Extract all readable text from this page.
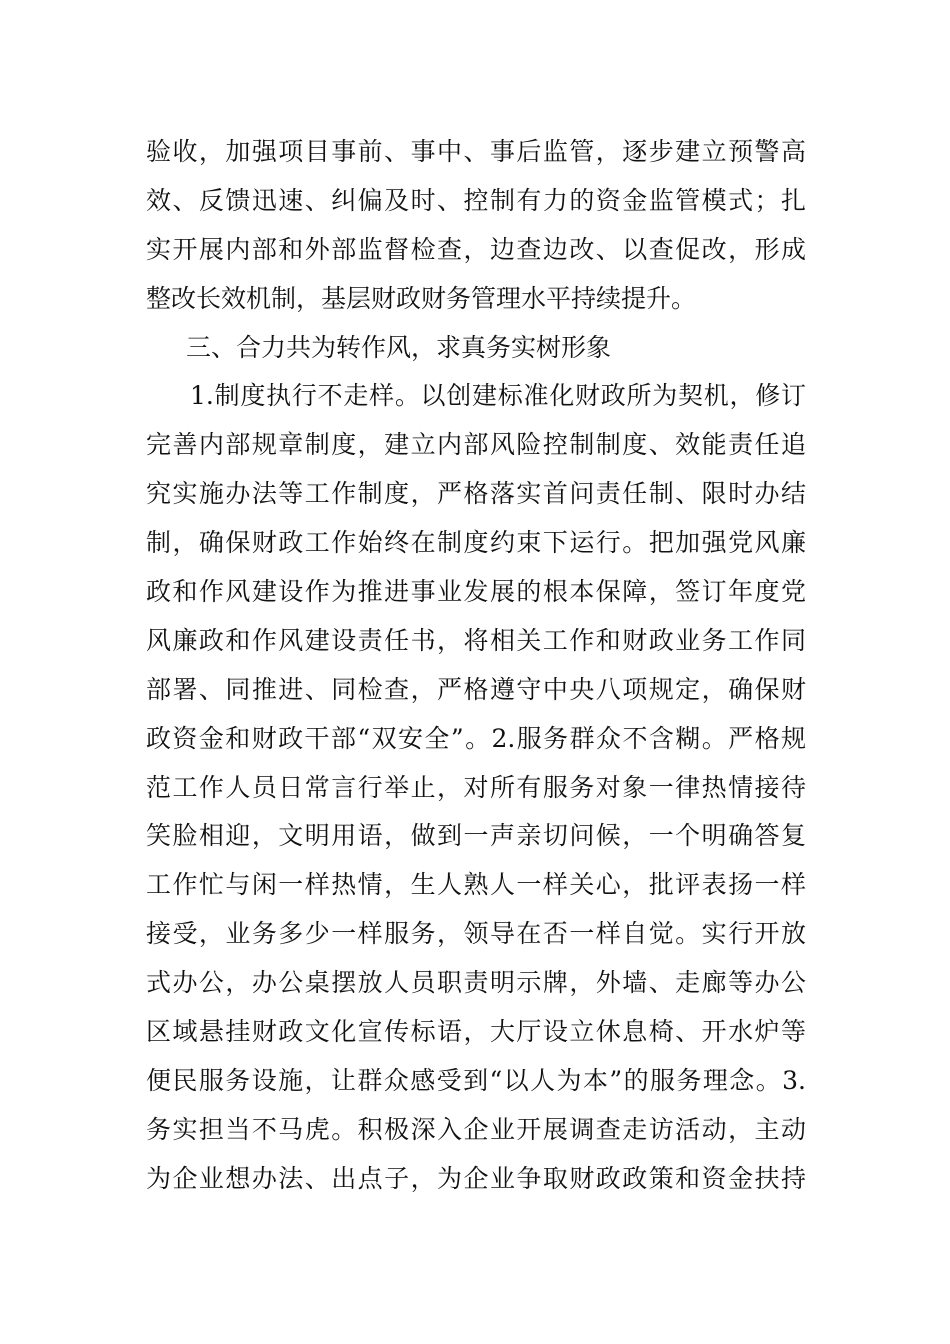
验收，加强项目事前、事中、事后监管，逐步建立预警高
效、反馈迅速、纠偏及时、控制有力的资金监管模式；扎
实开展内部和外部监督检查，边查边改、以查促改，形成
整改长效机制，基层财政财务管理水平持续提升。
三、合力共为转作风，求真务实树形象
1.制度执行不走样。以创建标准化财政所为契机，修订
完善内部规章制度，建立内部风险控制制度、效能责任追
究实施办法等工作制度，严格落实首问责任制、限时办结
制，确保财政工作始终在制度约束下运行。把加强党风廉
政和作风建设作为推进事业发展的根本保障，签订年度党
风廉政和作风建设责任书，将相关工作和财政业务工作同
部署、同推进、同检查，严格遵守中央八项规定，确保财
政资金和财政干部“双安全”。2.服务群众不含糊。严格规
范工作人员日常言行举止，对所有服务对象一律热情接待
笑脸相迎，文明用语，做到一声亲切问候，一个明确答复
工作忙与闲一样热情，生人熟人一样关心，批评表扬一样
接受，业务多少一样服务，领导在否一样自觉。实行开放
式办公，办公桌摆放人员职责明示牌，外墙、走廊等办公
区域悬挂财政文化宣传标语，大厅设立休息椅、开水炉等
便民服务设施，让群众感受到“以人为本”的服务理念。3.
务实担当不马虎。积极深入企业开展调查走访活动，主动
为企业想办法、出点子，为企业争取财政政策和资金扶持
